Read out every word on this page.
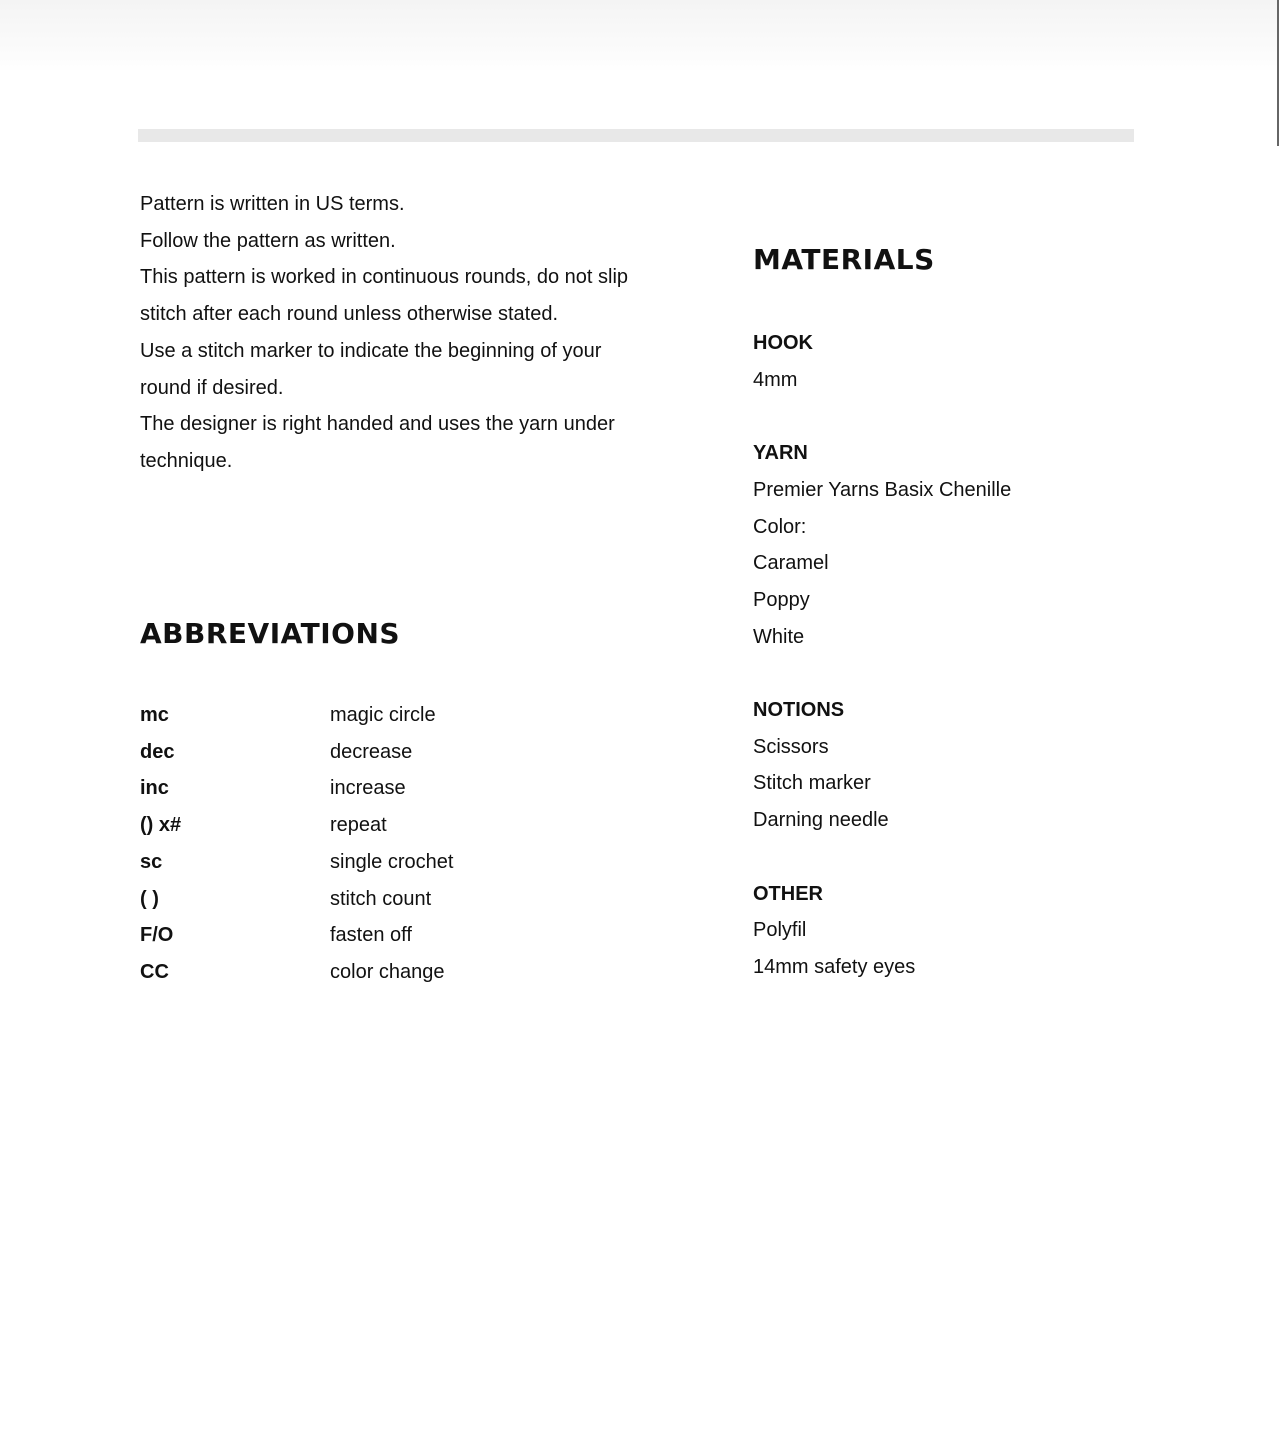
Pattern is written in US terms.

Follow the pattern as written.

This pattern is worked in continuous rounds, do not slip stitch after each round unless otherwise stated.

Use a stitch marker to indicate the beginning of your round if desired.

The designer is right handed and uses the yarn under technique.

ABBREVIATIONS
mc	magic circle
dec	decrease
inc	increase
() x#	repeat
sc	single crochet
( )	stitch count
F/O	fasten off
CC	color change
MATERIALS
HOOK
4mm
YARN
Premier Yarns Basix Chenille
Color:
Caramel
Poppy
White
NOTIONS
Scissors
Stitch marker
Darning needle
OTHER
Polyfil
14mm safety eyes
